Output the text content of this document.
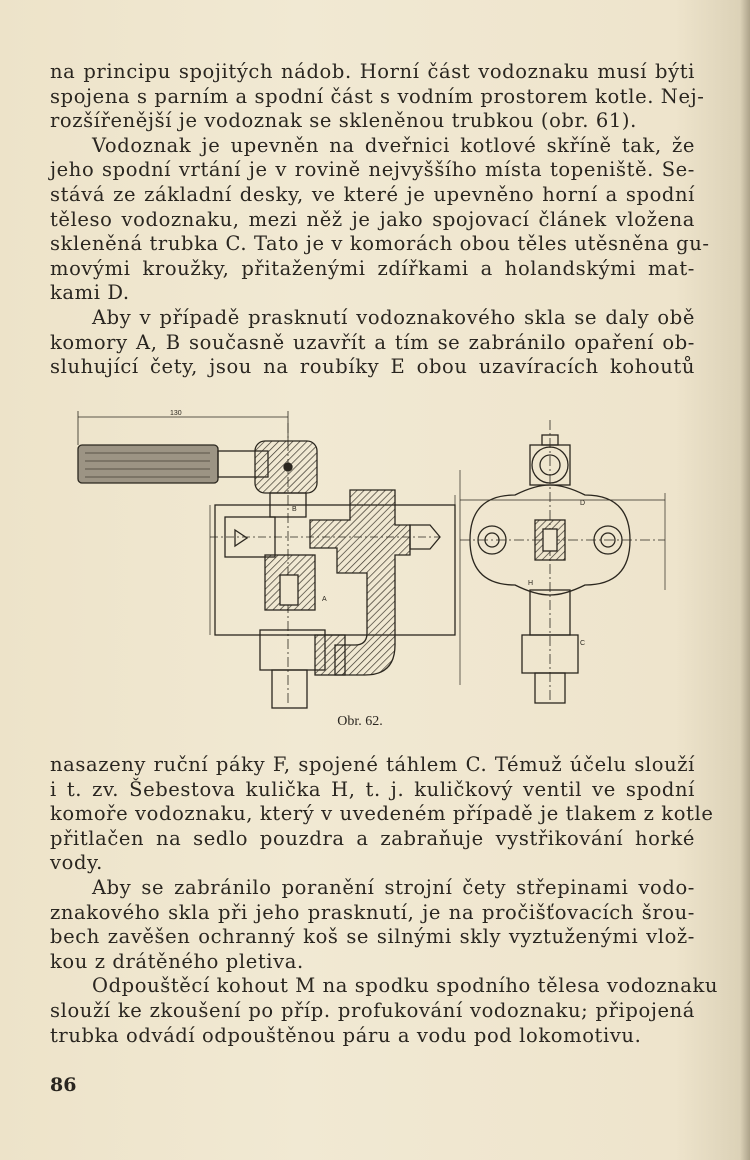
na principu spojitých nádob. Horní část vodoznaku musí býti
spojena s parním a spodní část s vodním prostorem kotle. Nej-
rozšířenější je vodoznak se skleněnou trubkou (obr. 61).

Vodoznak je upevněn na dveřnici kotlové skříně tak, že
jeho spodní vrtání je v rovině nejvyššího místa topeniště. Se-
stává ze základní desky, ve které je upevněno horní a spodní
těleso vodoznaku, mezi něž je jako spojovací článek vložena
skleněná trubka C. Tato je v komorách obou těles utěsněna gu-
movými kroužky, přitaženými zdířkami a holandskými mat-
kami D.

Aby v případě prasknutí vodoznakového skla se daly obě
komory A, B současně uzavřít a tím se zabránilo opaření ob-
sluhující čety, jsou na roubíky E obou uzavíracích kohoutů

130
B
A
D
H
C
Obr. 62.

nasazeny ruční páky F, spojené táhlem C. Témuž účelu slouží
i t. zv. Šebestova kulička H, t. j. kuličkový ventil ve spodní
komoře vodoznaku, který v uvedeném případě je tlakem z kotle
přitlačen na sedlo pouzdra a zabraňuje vystřikování horké
vody.

Aby se zabránilo poranění strojní čety střepinami vodo-
znakového skla při jeho prasknutí, je na pročišťovacích šrou-
bech zavěšen ochranný koš se silnými skly vyztuženými vlož-
kou z drátěného pletiva.

Odpouštěcí kohout M na spodku spodního tělesa vodoznaku
slouží ke zkoušení po příp. profukování vodoznaku; připojená
trubka odvádí odpouštěnou páru a vodu pod lokomotivu.

86
